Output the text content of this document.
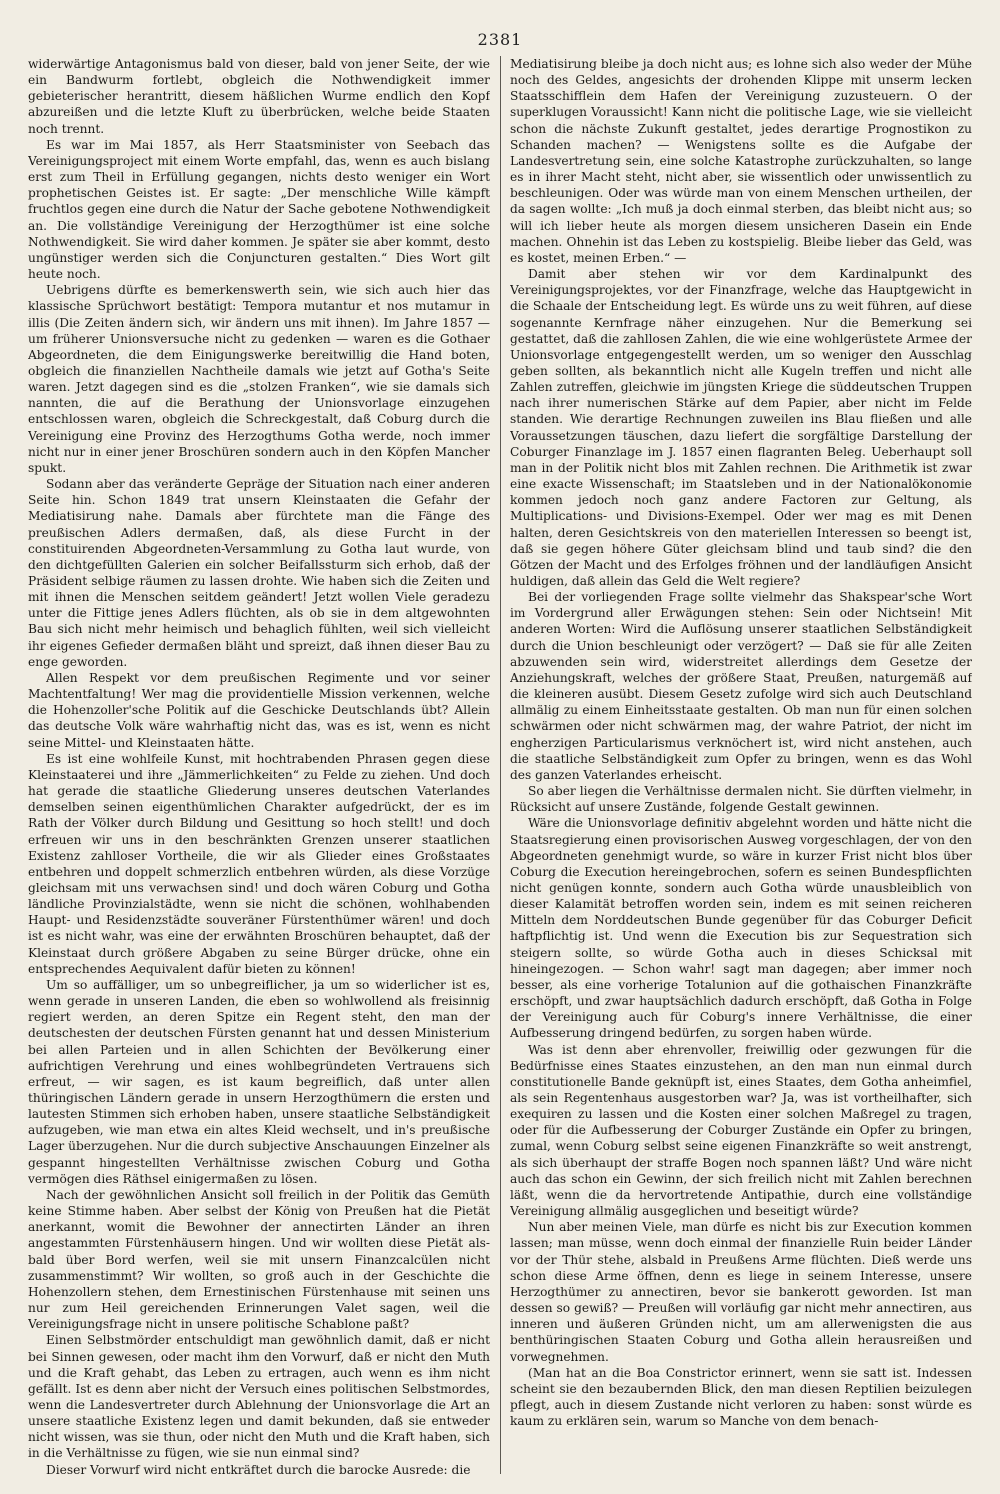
2381

widerwärtige Antagonismus bald von dieser, bald von jener Seite, der wie ein Bandwurm fortlebt, obgleich die Nothwendigkeit immer gebieterischer herantritt, diesem häßlichen Wurme endlich den Kopf abzureißen und die letzte Kluft zu überbrücken, welche beide Staaten noch trennt.

Es war im Mai 1857, als Herr Staatsminister von Seebach das Vereinigungsproject mit einem Worte empfahl, das, wenn es auch bislang erst zum Theil in Erfüllung gegangen, nichts desto weniger ein Wort prophetischen Geistes ist. Er sagte: „Der menschliche Wille kämpft fruchtlos gegen eine durch die Natur der Sache gebotene Nothwendigkeit an. Die vollständige Vereinigung der Herzogthümer ist eine solche Nothwendigkeit. Sie wird daher kommen. Je später sie aber kommt, desto ungünstiger werden sich die Conjuncturen gestalten.“ Dies Wort gilt heute noch.

Uebrigens dürfte es bemerkenswerth sein, wie sich auch hier das klassische Sprüchwort bestätigt: Tempora mutantur et nos mutamur in illis (Die Zeiten ändern sich, wir ändern uns mit ihnen). Im Jahre 1857 — um früherer Unionsversuche nicht zu gedenken — waren es die Gothaer Abgeordneten, die dem Einigungswerke bereitwillig die Hand boten, obgleich die finanziellen Nachtheile damals wie jetzt auf Gotha's Seite waren. Jetzt dagegen sind es die „stolzen Franken“, wie sie damals sich nannten, die auf die Berathung der Unionsvorlage einzugehen entschlossen waren, obgleich die Schreckgestalt, daß Coburg durch die Vereinigung eine Provinz des Herzogthums Gotha werde, noch immer nicht nur in einer jener Broschüren sondern auch in den Köpfen Mancher spukt.

Sodann aber das veränderte Gepräge der Situation nach einer anderen Seite hin. Schon 1849 trat unsern Kleinstaaten die Gefahr der Mediatisirung nahe. Damals aber fürchtete man die Fänge des preußischen Adlers dermaßen, daß, als diese Furcht in der constituirenden Abgeordneten-Versammlung zu Gotha laut wurde, von den dichtgefüllten Galerien ein solcher Beifallssturm sich erhob, daß der Präsident selbige räumen zu lassen drohte. Wie haben sich die Zeiten und mit ihnen die Menschen seitdem geändert! Jetzt wollen Viele geradezu unter die Fittige jenes Adlers flüchten, als ob sie in dem altgewohnten Bau sich nicht mehr heimisch und behaglich fühlten, weil sich vielleicht ihr eigenes Gefieder dermaßen bläht und spreizt, daß ihnen dieser Bau zu enge geworden.

Allen Respekt vor dem preußischen Regimente und vor seiner Machtentfaltung! Wer mag die providentielle Mission verkennen, welche die Hohenzoller'sche Politik auf die Geschicke Deutschlands übt? Allein das deutsche Volk wäre wahrhaftig nicht das, was es ist, wenn es nicht seine Mittel- und Kleinstaaten hätte.

Es ist eine wohlfeile Kunst, mit hochtrabenden Phrasen gegen diese Kleinstaaterei und ihre „Jämmerlichkeiten“ zu Felde zu ziehen. Und doch hat gerade die staatliche Gliederung unseres deutschen Vaterlandes demselben seinen eigenthümlichen Charakter aufgedrückt, der es im Rath der Völker durch Bildung und Gesittung so hoch stellt! und doch erfreuen wir uns in den beschränkten Grenzen unserer staatlichen Existenz zahlloser Vortheile, die wir als Glieder eines Großstaates entbehren und doppelt schmerzlich entbehren würden, als diese Vorzüge gleichsam mit uns verwachsen sind! und doch wären Coburg und Gotha ländliche Provinzialstädte, wenn sie nicht die schönen, wohlhabenden Haupt- und Residenzstädte souveräner Fürstenthümer wären! und doch ist es nicht wahr, was eine der erwähnten Broschüren behauptet, daß der Kleinstaat durch größere Abgaben zu seine Bürger drücke, ohne ein entsprechendes Aequivalent dafür bieten zu können!

Um so auffälliger, um so unbegreiflicher, ja um so widerlicher ist es, wenn gerade in unseren Landen, die eben so wohlwollend als freisinnig regiert werden, an deren Spitze ein Regent steht, den man der deutschesten der deutschen Fürsten genannt hat und dessen Ministerium bei allen Parteien und in allen Schichten der Bevölkerung einer aufrichtigen Verehrung und eines wohlbegründeten Vertrauens sich erfreut, — wir sagen, es ist kaum begreiflich, daß unter allen thüringischen Ländern gerade in unsern Herzogthümern die ersten und lautesten Stimmen sich erhoben haben, unsere staatliche Selbständigkeit aufzugeben, wie man etwa ein altes Kleid wechselt, und in's preußische Lager überzugehen. Nur die durch subjective Anschauungen Einzelner als gespannt hingestellten Verhältnisse zwischen Coburg und Gotha vermögen dies Räthsel einigermaßen zu lösen.

Nach der gewöhnlichen Ansicht soll freilich in der Politik das Gemüth keine Stimme haben. Aber selbst der König von Preußen hat die Pietät anerkannt, womit die Bewohner der annectirten Länder an ihren angestammten Fürstenhäusern hingen. Und wir wollten diese Pietät als-bald über Bord werfen, weil sie mit unsern Finanzcalcülen nicht zusammenstimmt? Wir wollten, so groß auch in der Geschichte die Hohenzollern stehen, dem Ernestinischen Fürstenhause mit seinen uns nur zum Heil gereichenden Erinnerungen Valet sagen, weil die Vereinigungsfrage nicht in unsere politische Schablone paßt?

Einen Selbstmörder entschuldigt man gewöhnlich damit, daß er nicht bei Sinnen gewesen, oder macht ihm den Vorwurf, daß er nicht den Muth und die Kraft gehabt, das Leben zu ertragen, auch wenn es ihm nicht gefällt. Ist es denn aber nicht der Versuch eines politischen Selbstmordes, wenn die Landesvertreter durch Ablehnung der Unionsvorlage die Art an unsere staatliche Existenz legen und damit bekunden, daß sie entweder nicht wissen, was sie thun, oder nicht den Muth und die Kraft haben, sich in die Verhältnisse zu fügen, wie sie nun einmal sind?

Dieser Vorwurf wird nicht entkräftet durch die barocke Ausrede: die

Mediatisirung bleibe ja doch nicht aus; es lohne sich also weder der Mühe noch des Geldes, angesichts der drohenden Klippe mit unserm lecken Staatsschifflein dem Hafen der Vereinigung zuzusteuern. O der superklugen Voraussicht! Kann nicht die politische Lage, wie sie vielleicht schon die nächste Zukunft gestaltet, jedes derartige Prognostikon zu Schanden machen? — Wenigstens sollte es die Aufgabe der Landesvertretung sein, eine solche Katastrophe zurückzuhalten, so lange es in ihrer Macht steht, nicht aber, sie wissentlich oder unwissentlich zu beschleunigen. Oder was würde man von einem Menschen urtheilen, der da sagen wollte: „Ich muß ja doch einmal sterben, das bleibt nicht aus; so will ich lieber heute als morgen diesem unsicheren Dasein ein Ende machen. Ohnehin ist das Leben zu kostspielig. Bleibe lieber das Geld, was es kostet, meinen Erben.“ —

Damit aber stehen wir vor dem Kardinalpunkt des Vereinigungsprojektes, vor der Finanzfrage, welche das Hauptgewicht in die Schaale der Entscheidung legt. Es würde uns zu weit führen, auf diese sogenannte Kernfrage näher einzugehen. Nur die Bemerkung sei gestattet, daß die zahllosen Zahlen, die wie eine wohlgerüstete Armee der Unionsvorlage entgegengestellt werden, um so weniger den Ausschlag geben sollten, als bekanntlich nicht alle Kugeln treffen und nicht alle Zahlen zutreffen, gleichwie im jüngsten Kriege die süddeutschen Truppen nach ihrer numerischen Stärke auf dem Papier, aber nicht im Felde standen. Wie derartige Rechnungen zuweilen ins Blau fließen und alle Voraussetzungen täuschen, dazu liefert die sorgfältige Darstellung der Coburger Finanzlage im J. 1857 einen flagranten Beleg. Ueberhaupt soll man in der Politik nicht blos mit Zahlen rechnen. Die Arithmetik ist zwar eine exacte Wissenschaft; im Staatsleben und in der Nationalökonomie kommen jedoch noch ganz andere Factoren zur Geltung, als Multiplications- und Divisions-Exempel. Oder wer mag es mit Denen halten, deren Gesichtskreis von den materiellen Interessen so beengt ist, daß sie gegen höhere Güter gleichsam blind und taub sind? die den Götzen der Macht und des Erfolges fröhnen und der landläufigen Ansicht huldigen, daß allein das Geld die Welt regiere?

Bei der vorliegenden Frage sollte vielmehr das Shakspear'sche Wort im Vordergrund aller Erwägungen stehen: Sein oder Nichtsein! Mit anderen Worten: Wird die Auflösung unserer staatlichen Selbständigkeit durch die Union beschleunigt oder verzögert? — Daß sie für alle Zeiten abzuwenden sein wird, widerstreitet allerdings dem Gesetze der Anziehungskraft, welches der größere Staat, Preußen, naturgemäß auf die kleineren ausübt. Diesem Gesetz zufolge wird sich auch Deutschland allmälig zu einem Einheitsstaate gestalten. Ob man nun für einen solchen schwärmen oder nicht schwärmen mag, der wahre Patriot, der nicht im engherzigen Particularismus verknöchert ist, wird nicht anstehen, auch die staatliche Selbständigkeit zum Opfer zu bringen, wenn es das Wohl des ganzen Vaterlandes erheischt.

So aber liegen die Verhältnisse dermalen nicht. Sie dürften vielmehr, in Rücksicht auf unsere Zustände, folgende Gestalt gewinnen.

Wäre die Unionsvorlage definitiv abgelehnt worden und hätte nicht die Staatsregierung einen provisorischen Ausweg vorgeschlagen, der von den Abgeordneten genehmigt wurde, so wäre in kurzer Frist nicht blos über Coburg die Execution hereingebrochen, sofern es seinen Bundespflichten nicht genügen konnte, sondern auch Gotha würde unausbleiblich von dieser Kalamität betroffen worden sein, indem es mit seinen reicheren Mitteln dem Norddeutschen Bunde gegenüber für das Coburger Deficit haftpflichtig ist. Und wenn die Execution bis zur Sequestration sich steigern sollte, so würde Gotha auch in dieses Schicksal mit hineingezogen. — Schon wahr! sagt man dagegen; aber immer noch besser, als eine vorherige Totalunion auf die gothaischen Finanzkräfte erschöpft, und zwar hauptsächlich dadurch erschöpft, daß Gotha in Folge der Vereinigung auch für Coburg's innere Verhältnisse, die einer Aufbesserung dringend bedürfen, zu sorgen haben würde.

Was ist denn aber ehrenvoller, freiwillig oder gezwungen für die Bedürfnisse eines Staates einzustehen, an den man nun einmal durch constitutionelle Bande geknüpft ist, eines Staates, dem Gotha anheimfiel, als sein Regentenhaus ausgestorben war? Ja, was ist vortheilhafter, sich exequiren zu lassen und die Kosten einer solchen Maßregel zu tragen, oder für die Aufbesserung der Coburger Zustände ein Opfer zu bringen, zumal, wenn Coburg selbst seine eigenen Finanzkräfte so weit anstrengt, als sich überhaupt der straffe Bogen noch spannen läßt? Und wäre nicht auch das schon ein Gewinn, der sich freilich nicht mit Zahlen berechnen läßt, wenn die da hervortretende Antipathie, durch eine vollständige Vereinigung allmälig ausgeglichen und beseitigt würde?

Nun aber meinen Viele, man dürfe es nicht bis zur Execution kommen lassen; man müsse, wenn doch einmal der finanzielle Ruin beider Länder vor der Thür stehe, alsbald in Preußens Arme flüchten. Dieß werde uns schon diese Arme öffnen, denn es liege in seinem Interesse, unsere Herzogthümer zu annectiren, bevor sie bankerott geworden. Ist man dessen so gewiß? — Preußen will vorläufig gar nicht mehr annectiren, aus inneren und äußeren Gründen nicht, um am allerwenigsten die aus benthüringischen Staaten Coburg und Gotha allein herausreißen und vorwegnehmen.

(Man hat an die Boa Constrictor erinnert, wenn sie satt ist. Indessen scheint sie den bezaubernden Blick, den man diesen Reptilien beizulegen pflegt, auch in diesem Zustande nicht verloren zu haben: sonst würde es kaum zu erklären sein, warum so Manche von dem benach-
